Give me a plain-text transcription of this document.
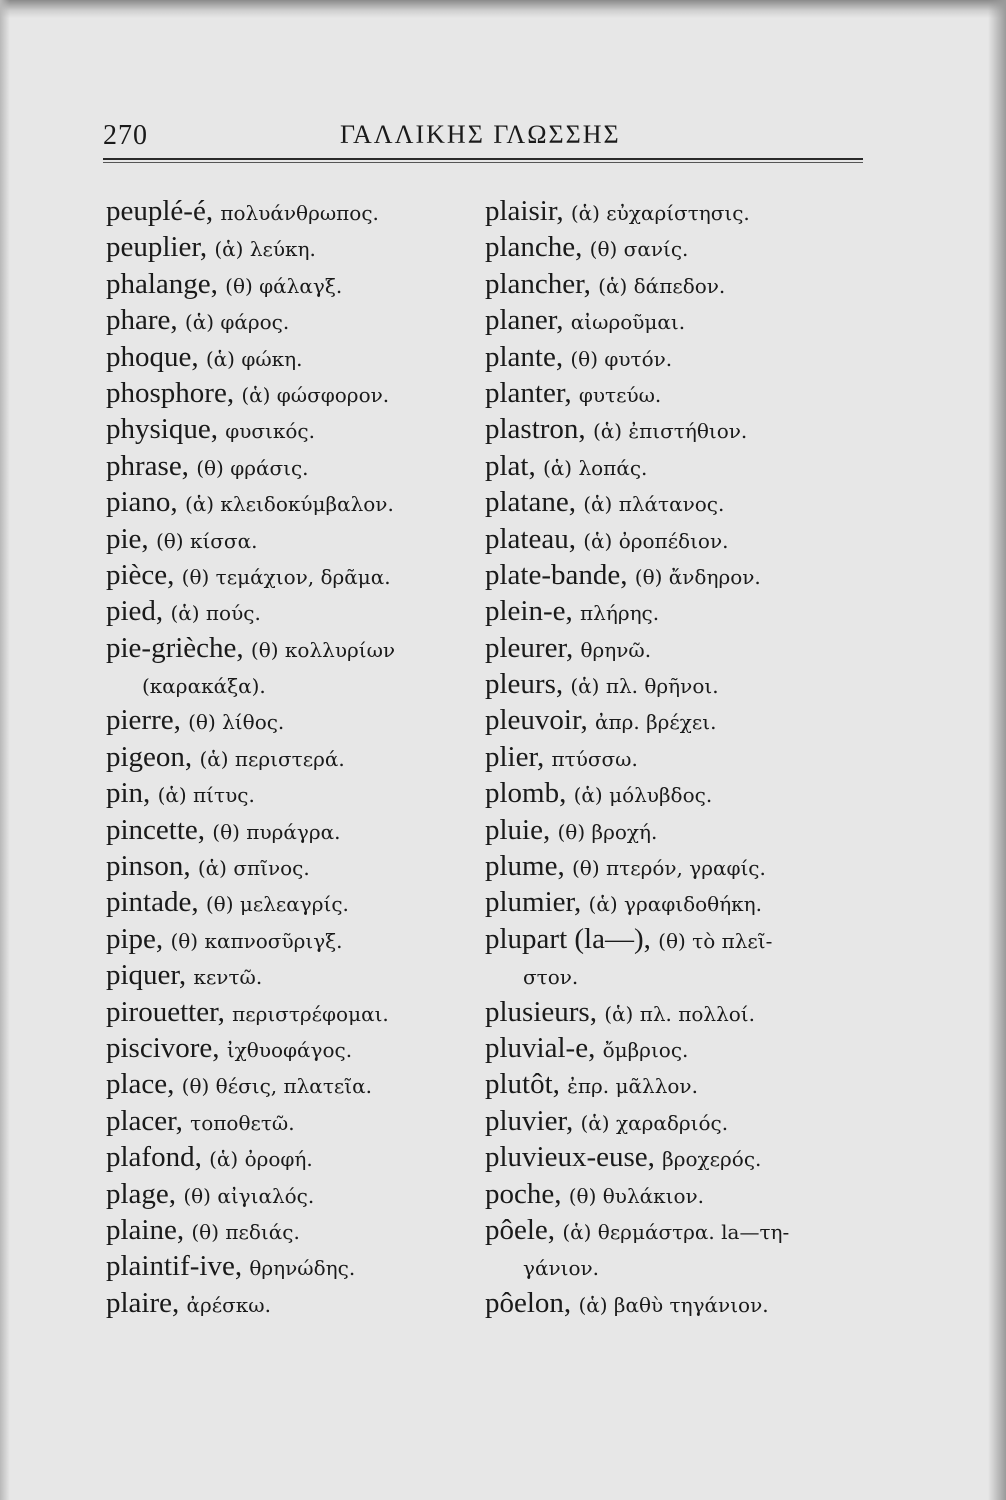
270	ΓΑΛΛΙΚΗΣ ΓΛΩΣΣΗΣ
peuplé-é, πολυάνθρωπος.
peuplier, (ἁ) λεύκη.
phalange, (θ) φάλαγξ.
phare, (ἁ) φάρος.
phoque, (ἁ) φώκη.
phosphore, (ἁ) φώσφορον.
physique, φυσικός.
phrase, (θ) φράσις.
piano, (ἁ) κλειδοκύμβαλον.
pie, (θ) κίσσα.
pièce, (θ) τεμάχιον, δρᾶμα.
pied, (ἁ) πούς.
pie-grièche, (θ) κολλυρίων
(καρακάξα).
pierre, (θ) λίθος.
pigeon, (ἁ) περιστερά.
pin, (ἁ) πίτυς.
pincette, (θ) πυράγρα.
pinson, (ἁ) σπῖνος.
pintade, (θ) μελεαγρίς.
pipe, (θ) καπνοσῦριγξ.
piquer, κεντῶ.
pirouetter, περιστρέφομαι.
piscivore, ἰχθυοφάγος.
place, (θ) θέσις, πλατεῖα.
placer, τοποθετῶ.
plafond, (ἁ) ὀροφή.
plage, (θ) αἰγιαλός.
plaine, (θ) πεδιάς.
plaintif-ive, θρηνώδης.
plaire, ἀρέσκω.
plaisir, (ἁ) εὐχαρίστησις.
planche, (θ) σανίς.
plancher, (ἁ) δάπεδον.
planer, αἰωροῦμαι.
plante, (θ) φυτόν.
planter, φυτεύω.
plastron, (ἁ) ἐπιστήθιον.
plat, (ἁ) λοπάς.
platane, (ἁ) πλάτανος.
plateau, (ἁ) ὀροπέδιον.
plate-bande, (θ) ἄνδηρον.
plein-e, πλήρης.
pleurer, θρηνῶ.
pleurs, (ἁ) πλ. θρῆνοι.
pleuvoir, ἀπρ. βρέχει.
plier, πτύσσω.
plomb, (ἁ) μόλυβδος.
pluie, (θ) βροχή.
plume, (θ) πτερόν, γραφίς.
plumier, (ἁ) γραφιδοθήκη.
plupart (la—), (θ) τὸ πλεῖ-
στον.
plusieurs, (ἁ) πλ. πολλοί.
pluvial-e, ὄμβριος.
plutôt, ἐπρ. μᾶλλον.
pluvier, (ἁ) χαραδριός.
pluvieux-euse, βροχερός.
poche, (θ) θυλάκιον.
pôele, (ἁ) θερμάστρα. la—τη-
γάνιον.
pôelon, (ἁ) βαθὺ τηγάνιον.
